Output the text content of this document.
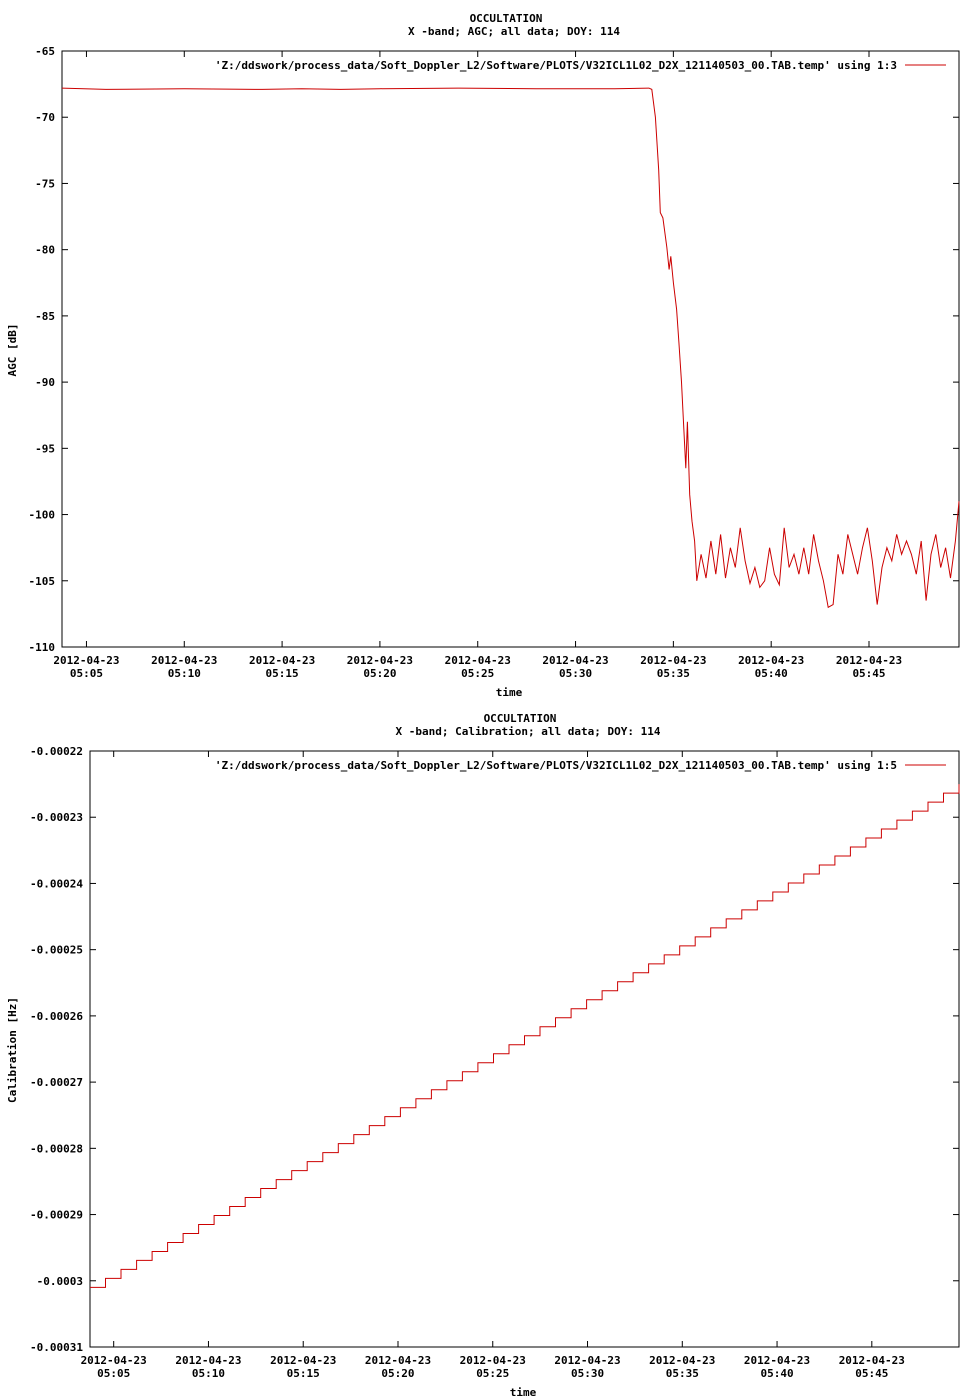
OCCULTATION
X -band; AGC; all data; DOY: 114
AGC [dB]
time
'Z:/ddswork/process_data/Soft_Doppler_L2/Software/PLOTS/V32ICL1L02_D2X_121140503_00.TAB.temp' using 1:3
-65
-70
-75
-80
-85
-90
-95
-100
-105
-110
2012-04-23
05:05
2012-04-23
05:10
2012-04-23
05:15
2012-04-23
05:20
2012-04-23
05:25
2012-04-23
05:30
2012-04-23
05:35
2012-04-23
05:40
2012-04-23
05:45
OCCULTATION
X -band; Calibration; all data; DOY: 114
Calibration [Hz]
time
'Z:/ddswork/process_data/Soft_Doppler_L2/Software/PLOTS/V32ICL1L02_D2X_121140503_00.TAB.temp' using 1:5
-0.00022
-0.00023
-0.00024
-0.00025
-0.00026
-0.00027
-0.00028
-0.00029
-0.0003
-0.00031
2012-04-23
05:05
2012-04-23
05:10
2012-04-23
05:15
2012-04-23
05:20
2012-04-23
05:25
2012-04-23
05:30
2012-04-23
05:35
2012-04-23
05:40
2012-04-23
05:45
